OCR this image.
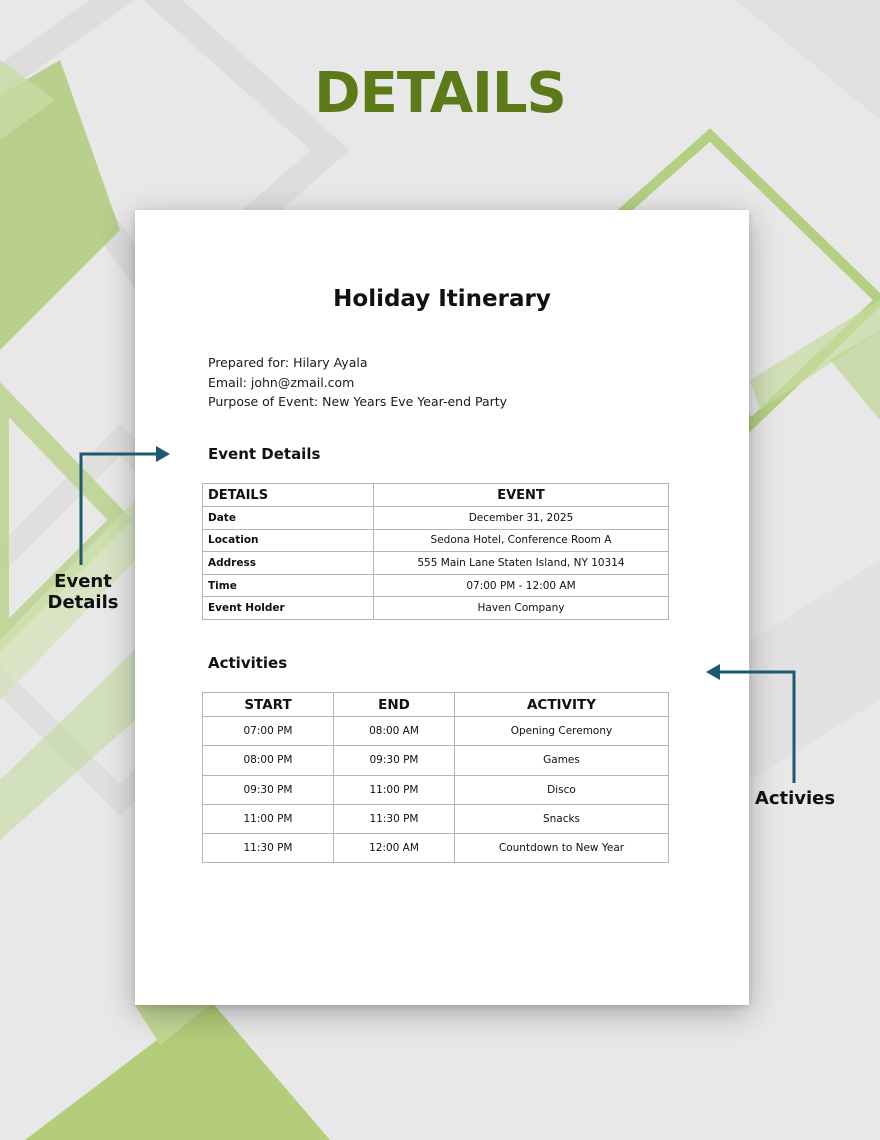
DETAILS
Holiday Itinerary
Prepared for: Hilary Ayala
Email: john@zmail.com
Purpose of Event: New Years Eve Year-end Party
Event Details
DETAILS	EVENT
Date	December 31, 2025
Location	Sedona Hotel, Conference Room A
Address	555 Main Lane Staten Island, NY 10314
Time	07:00 PM - 12:00 AM
Event Holder	Haven Company
Activities
START	END	ACTIVITY
07:00 PM	08:00 AM	Opening Ceremony
08:00 PM	09:30 PM	Games
09:30 PM	11:00 PM	Disco
11:00 PM	11:30 PM	Snacks
11:30 PM	12:00 AM	Countdown to New Year
Event
Details
Activies
